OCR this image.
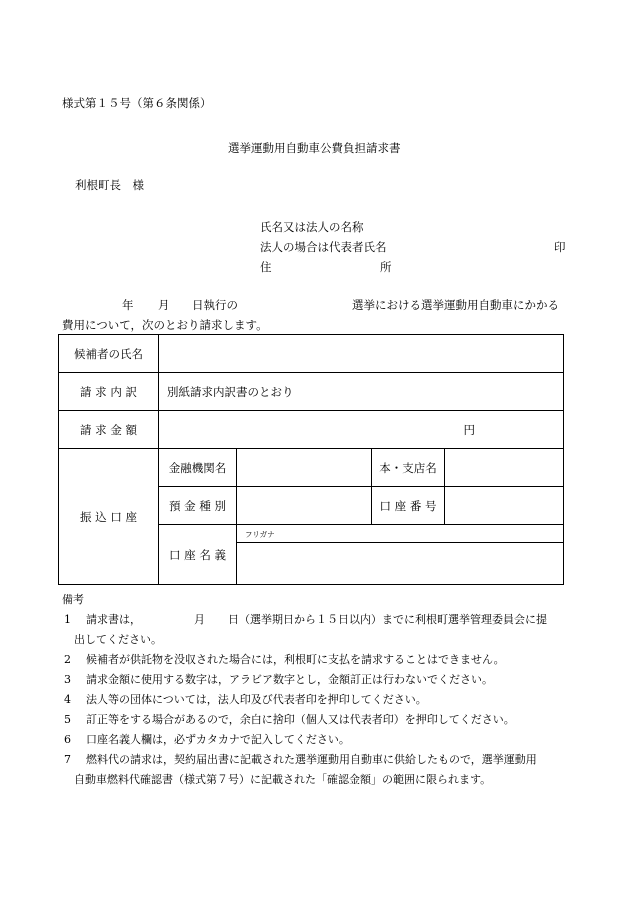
様式第１５号（第６条関係）
選挙運動用自動車公費負担請求書
利根町長　様
氏名又は法人の名称
法人の場合は代表者氏名	印
住	所
年 月 日執行の	選挙における選挙運動用自動車にかかる
費用について，次のとおり請求します。
候補者の氏名				
請 求 内 訳	別紙請求内訳書のとおり			
請 求 金 額	円			
振 込 口 座	金融機関名		本・支店名	
	預 金 種 別		口 座 番 号	
	口 座 名 義	フリガナ		

備考
1 請求書は，	月 日（選挙期日から１５日以内）までに利根町選挙管理委員会に提
出してください。
2 候補者が供託物を没収された場合には，利根町に支払を請求することはできません。
3 請求金額に使用する数字は，アラビア数字とし，金額訂正は行わないでください。
4 法人等の団体については，法人印及び代表者印を押印してください。
5 訂正等をする場合があるので，余白に捨印（個人又は代表者印）を押印してください。
6 口座名義人欄は，必ずカタカナで記入してください。
7 燃料代の請求は，契約届出書に記載された選挙運動用自動車に供給したもので，選挙運動用
自動車燃料代確認書（様式第７号）に記載された「確認金額」の範囲に限られます。
